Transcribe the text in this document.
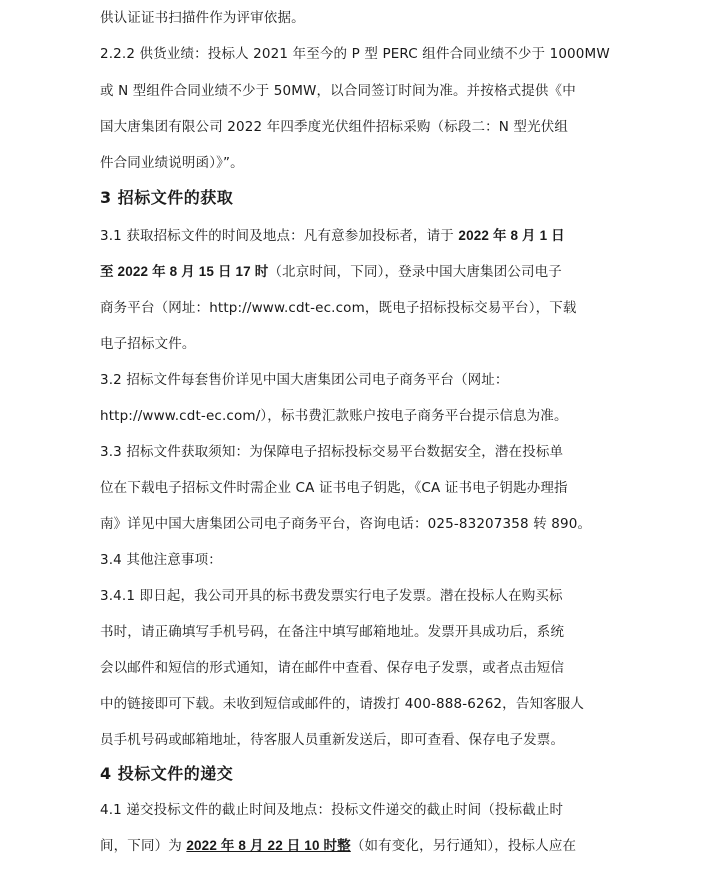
供认证证书扫描件作为评审依据。
2.2.2 供货业绩：投标人 2021 年至今的 P 型 PERC 组件合同业绩不少于 1000MW
或 N 型组件合同业绩不少于 50MW，以合同签订时间为准。并按格式提供《中
国大唐集团有限公司 2022 年四季度光伏组件招标采购（标段二：N 型光伏组
件合同业绩说明函）》”。
3 招标文件的获取
3.1 获取招标文件的时间及地点：凡有意参加投标者，请于 2022 年 8 月 1 日
至 2022 年 8 月 15 日 17 时（北京时间，下同），登录中国大唐集团公司电子
商务平台（网址：http://www.cdt-ec.com，既电子招标投标交易平台），下载
电子招标文件。
3.2 招标文件每套售价详见中国大唐集团公司电子商务平台（网址：
http://www.cdt-ec.com/），标书费汇款账户按电子商务平台提示信息为准。
3.3 招标文件获取须知：为保障电子招标投标交易平台数据安全，潜在投标单
位在下载电子招标文件时需企业 CA 证书电子钥匙，《CA 证书电子钥匙办理指
南》详见中国大唐集团公司电子商务平台，咨询电话：025-83207358 转 890。
3.4 其他注意事项：
3.4.1 即日起，我公司开具的标书费发票实行电子发票。潜在投标人在购买标
书时，请正确填写手机号码，在备注中填写邮箱地址。发票开具成功后，系统
会以邮件和短信的形式通知，请在邮件中查看、保存电子发票，或者点击短信
中的链接即可下载。未收到短信或邮件的，请拨打 400-888-6262，告知客服人
员手机号码或邮箱地址，待客服人员重新发送后，即可查看、保存电子发票。
4 投标文件的递交
4.1 递交投标文件的截止时间及地点：投标文件递交的截止时间（投标截止时
间，下同）为 2022 年 8 月 22 日 10 时整（如有变化，另行通知），投标人应在
